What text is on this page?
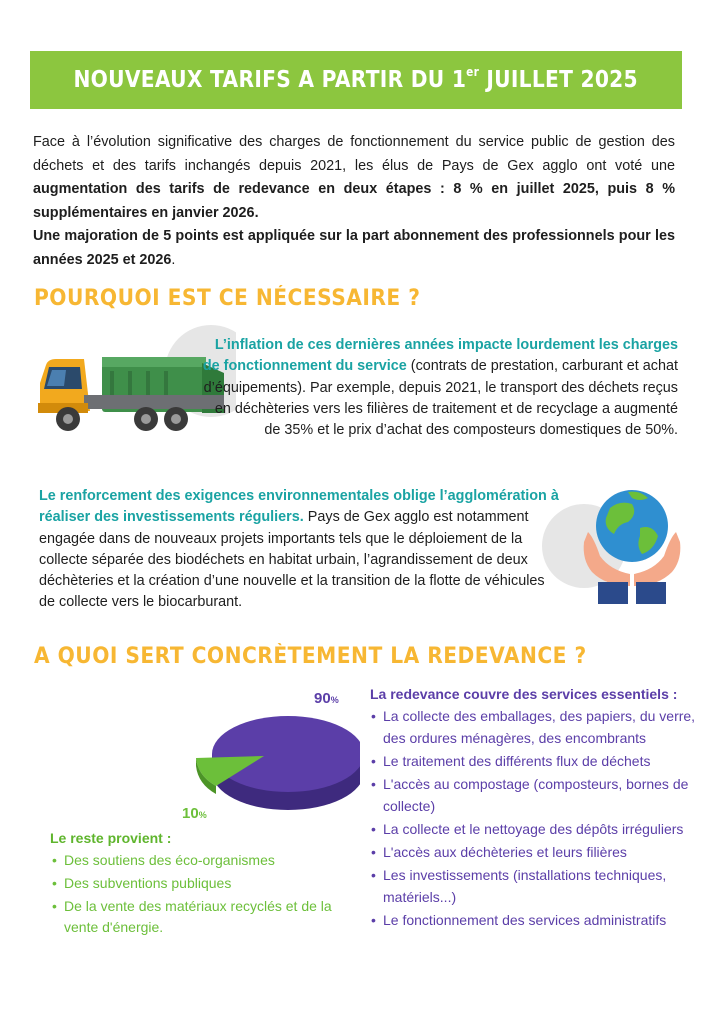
NOUVEAUX TARIFS A PARTIR DU 1er JUILLET 2025
Face à l’évolution significative des charges de fonctionnement du service public de gestion des déchets et des tarifs inchangés depuis 2021, les élus de Pays de Gex agglo ont voté une augmentation des tarifs de redevance en deux étapes : 8 % en juillet 2025, puis 8 % supplémentaires en janvier 2026.
Une majoration de 5 points est appliquée sur la part abonnement des professionnels pour les années 2025 et 2026.
POURQUOI EST CE NÉCESSAIRE ?
L’inflation de ces dernières années impacte lourdement les charges de fonctionnement du service (contrats de prestation, carburant et achat d’équipements). Par exemple, depuis 2021, le transport des déchets reçus en déchèteries vers les filières de traitement et de recyclage a augmenté de 35% et le prix d’achat des composteurs domestiques de 50%.
Le renforcement des exigences environnementales oblige l’agglomération à réaliser des investissements réguliers. Pays de Gex agglo est notamment engagée dans de nouveaux projets importants tels que le déploiement de la collecte séparée des biodéchets en habitat urbain, l’agrandissement de deux déchèteries et la création d’une nouvelle et la transition de la flotte de véhicules de collecte vers le biocarburant.
A QUOI SERT CONCRÈTEMENT LA REDEVANCE ?
90%
10%
Le reste provient :
• Des soutiens des éco-organismes
• Des subventions publiques
• De la vente des matériaux recyclés et de la vente d'énergie.
La redevance couvre des services essentiels :
• La collecte des emballages, des papiers, du verre, des ordures ménagères, des encombrants
• Le traitement des différents flux de déchets
• L'accès au compostage (composteurs, bornes de collecte)
• La collecte et le nettoyage des dépôts irréguliers
• L'accès aux déchèteries et leurs filières
• Les investissements (installations techniques, matériels...)
• Le fonctionnement des services administratifs
